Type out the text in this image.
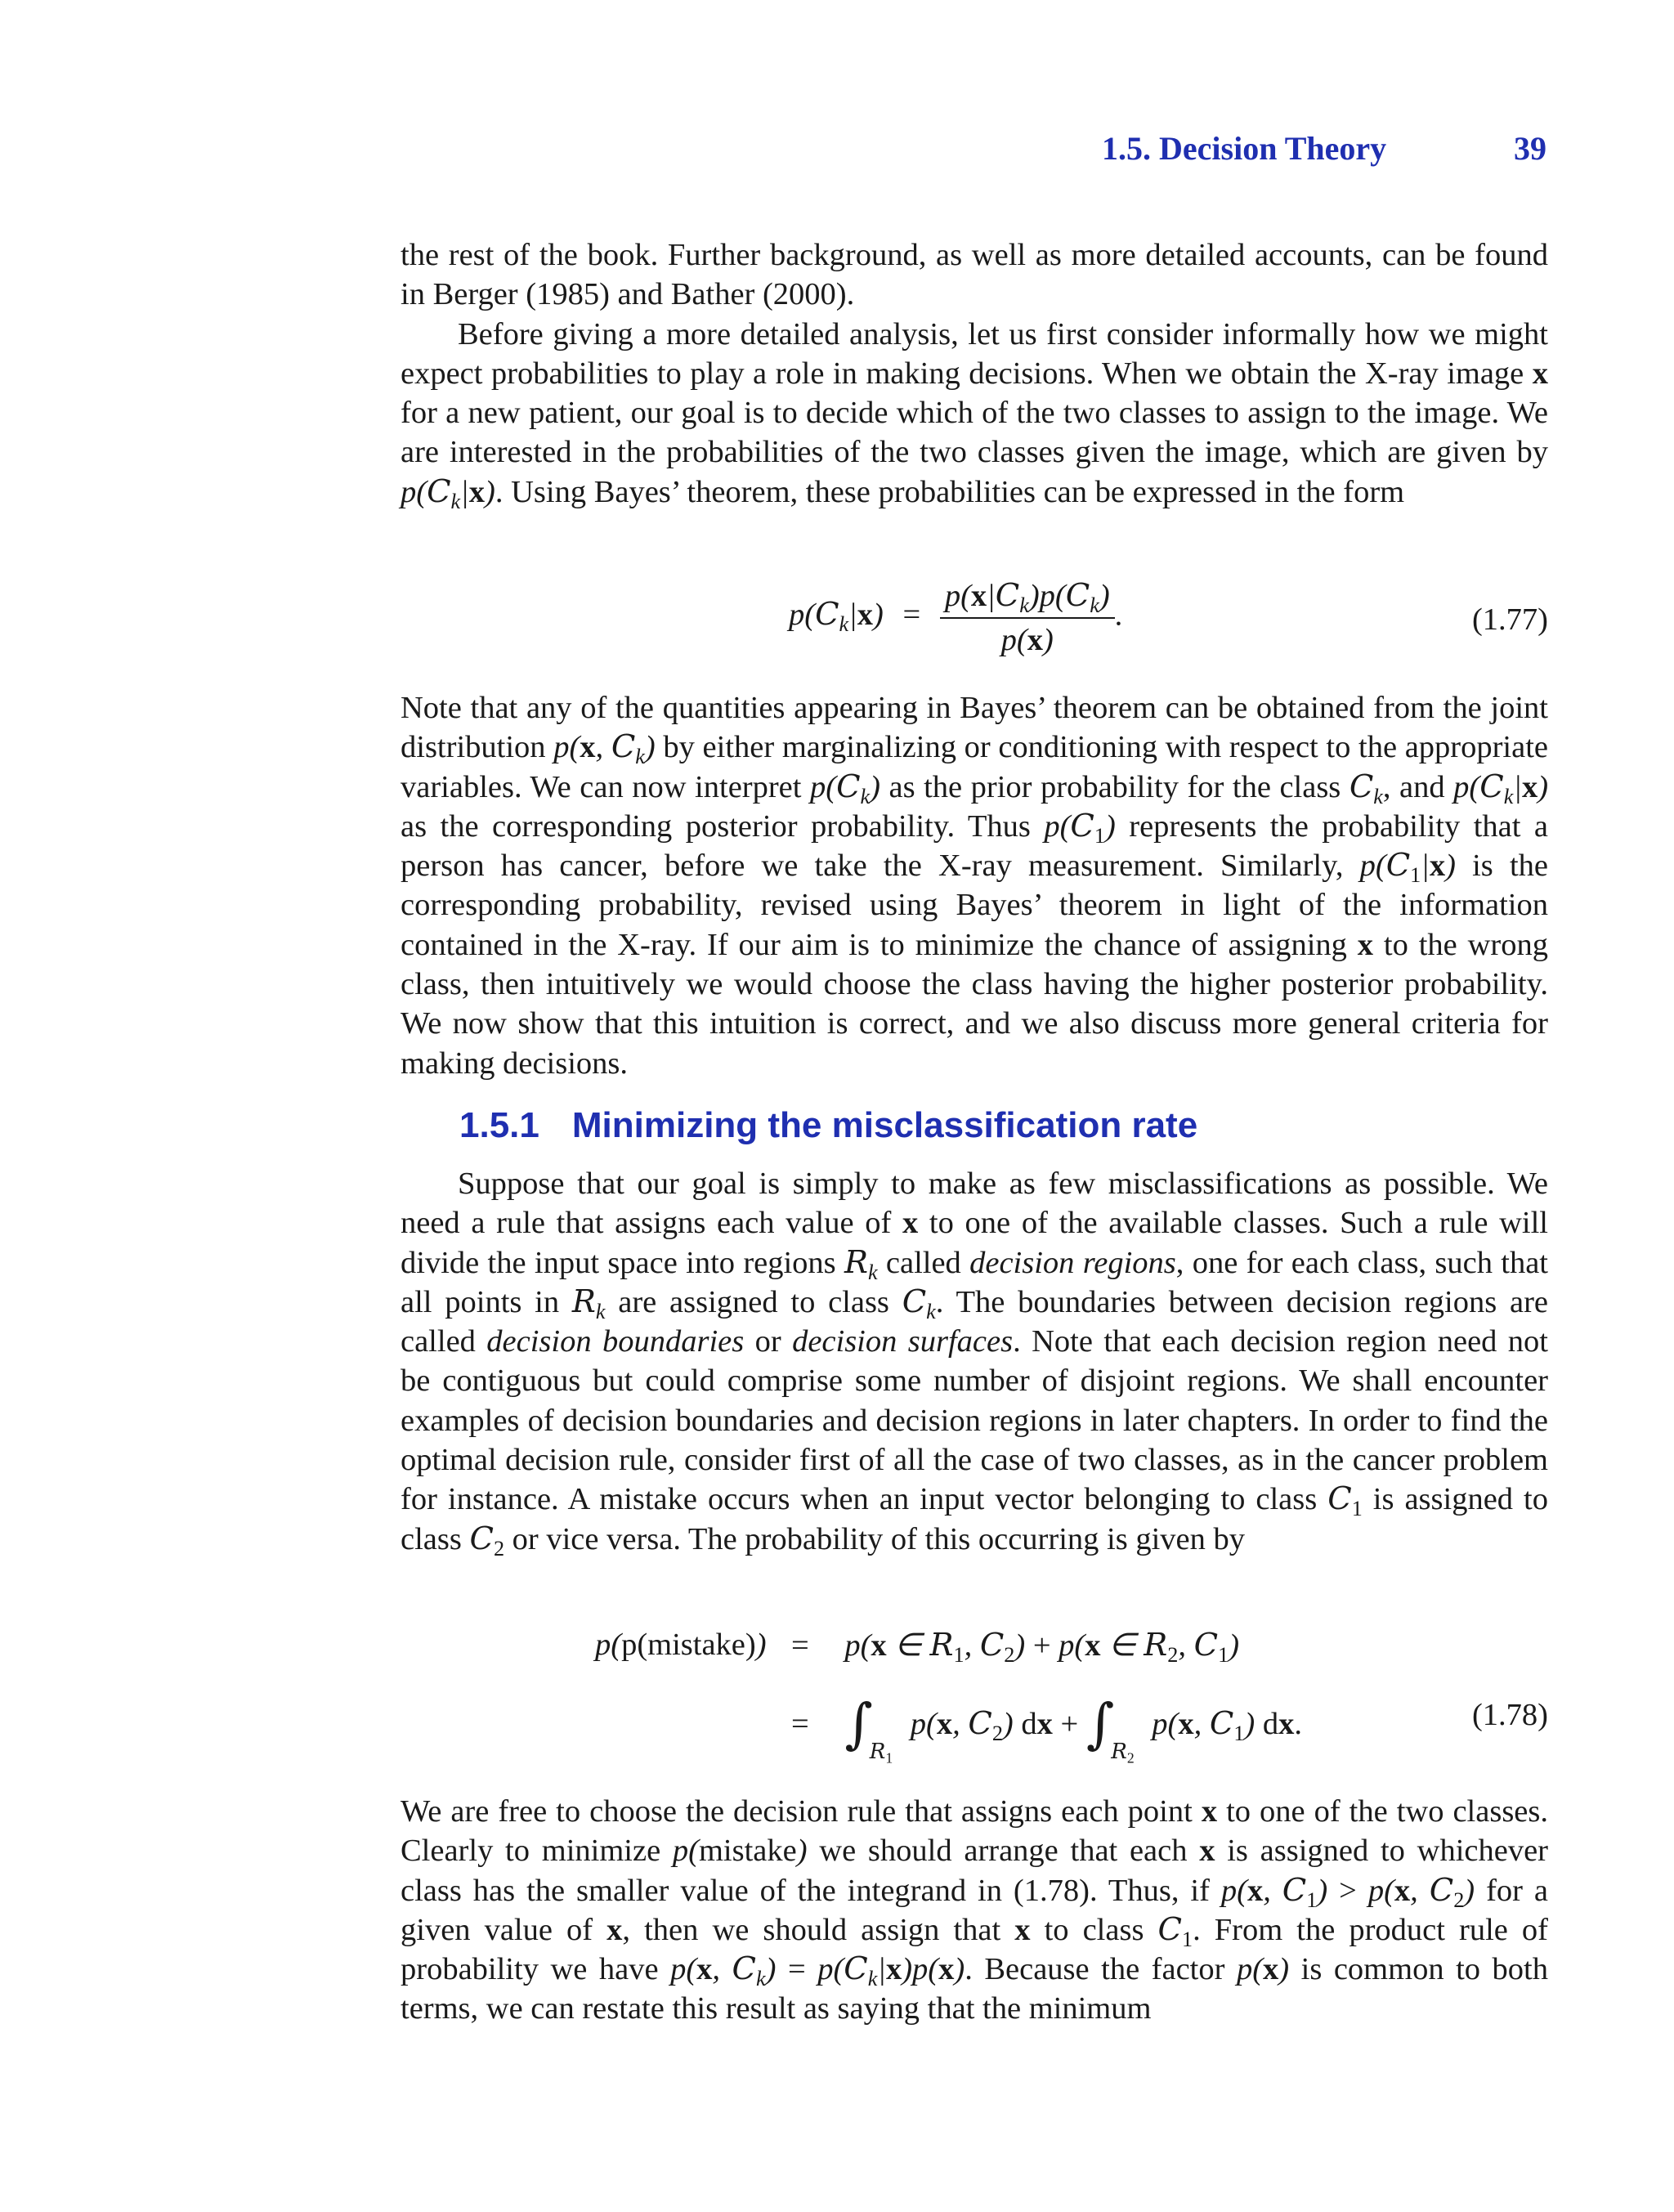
1.5. Decision Theory	39

the rest of the book. Further background, as well as more detailed accounts, can be found in Berger (1985) and Bather (2000).

Before giving a more detailed analysis, let us first consider informally how we might expect probabilities to play a role in making decisions. When we obtain the X-ray image x for a new patient, our goal is to decide which of the two classes to assign to the image. We are interested in the probabilities of the two classes given the image, which are given by $p(C_k|x)$. Using Bayes’ theorem, these probabilities can be expressed in the form

$p(C_k|x) = \frac{p(x|C_k)p(C_k)}{p(x)}$ .	(1.77)

Note that any of the quantities appearing in Bayes’ theorem can be obtained from the joint distribution p(x, $C_k$) by either marginalizing or conditioning with respect to the appropriate variables. We can now interpret $p(C_k)$ as the prior probability for the class $C_k$, and $p(C_k|x)$ as the corresponding posterior probability. Thus $p(C_1)$ represents the probability that a person has cancer, before we take the X-ray measurement. Similarly, $p(C_1|x)$ is the corresponding probability, revised using Bayes’ theorem in light of the information contained in the X-ray. If our aim is to minimize the chance of assigning x to the wrong class, then intuitively we would choose the class having the higher posterior probability. We now show that this intuition is correct, and we also discuss more general criteria for making decisions.

1.5.1 Minimizing the misclassification rate

Suppose that our goal is simply to make as few misclassifications as possible. We need a rule that assigns each value of x to one of the available classes. Such a rule will divide the input space into regions $R_k$ called decision regions, one for each class, such that all points in $R_k$ are assigned to class $C_k$. The boundaries between decision regions are called decision boundaries or decision surfaces. Note that each decision region need not be contiguous but could comprise some number of disjoint regions. We shall encounter examples of decision boundaries and decision regions in later chapters. In order to find the optimal decision rule, consider first of all the case of two classes, as in the cancer problem for instance. A mistake occurs when an input vector belonging to class $C_1$ is assigned to class $C_2$ or vice versa. The probability of this occurring is given by

p(p(mistake)) = p(x ∈ $R_1$, $C_2) + p(x$ ∈ $R_2$, $C_1$)
= $\int_{R_1}$ p(x, $C_2$) dx + $\int_{R_2}$ p(x, $C_1$) dx.	(1.78)

We are free to choose the decision rule that assigns each point x to one of the two classes. Clearly to minimize p(mistake) we should arrange that each x is assigned to whichever class has the smaller value of the integrand in (1.78). Thus, if p(x, $C_1) > p(x$, $C_2$) for a given value of x, then we should assign that x to class $C_1$. From the product rule of probability we have p(x, $C_k) = p(C_k|x)p(x)$. Because the factor p(x) is common to both terms, we can restate this result as saying that the minimum
